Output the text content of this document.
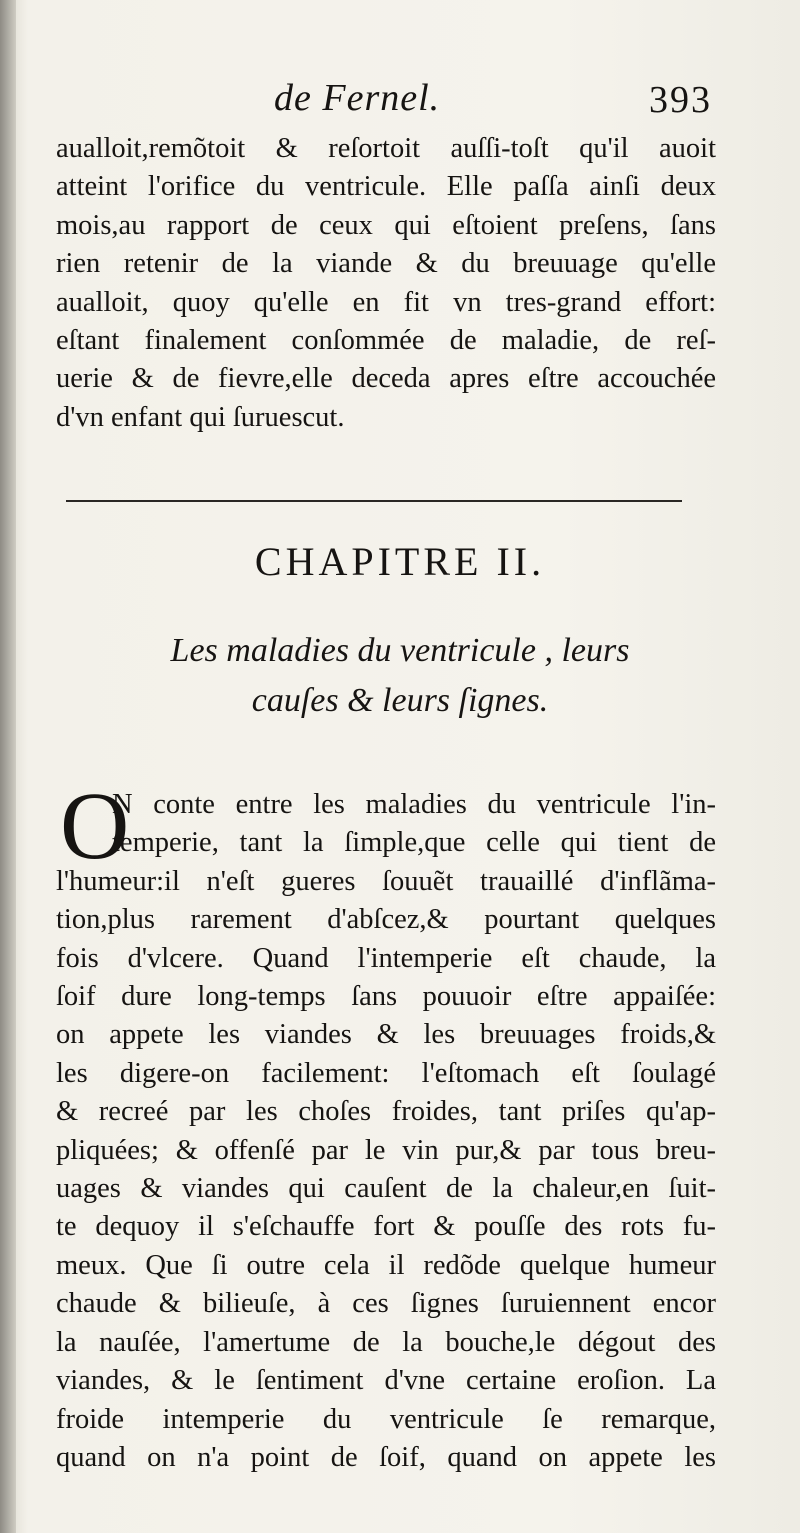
de Fernel.	393
aualloit,remõtoit & reſortoit auſſi-toſt qu'il auoit
atteint l'orifice du ventricule. Elle paſſa ainſi deux
mois,au rapport de ceux qui eſtoient preſens, ſans
rien retenir de la viande & du breuuage qu'elle
aualloit, quoy qu'elle en fit vn tres-grand effort:
eſtant finalement conſommée de maladie, de reſ-
uerie & de fievre,elle deceda apres eſtre accouchée
d'vn enfant qui ſuruescut.
CHAPITRE II.
Les maladies du ventricule , leurs
cauſes & leurs ſignes.
O
N conte entre les maladies du ventricule l'in-
temperie, tant la ſimple,que celle qui tient de
l'humeur:il n'eſt gueres ſouuẽt trauaillé d'inflãma-
tion,plus rarement d'abſcez,& pourtant quelques
fois d'vlcere. Quand l'intemperie eſt chaude, la
ſoif dure long-temps ſans pouuoir eſtre appaiſée:
on appete les viandes & les breuuages froids,&
les digere-on facilement: l'eſtomach eſt ſoulagé
& recreé par les choſes froides, tant priſes qu'ap-
pliquées; & offenſé par le vin pur,& par tous breu-
uages & viandes qui cauſent de la chaleur,en ſuit-
te dequoy il s'eſchauffe fort & pouſſe des rots fu-
meux. Que ſi outre cela il redõde quelque humeur
chaude & bilieuſe, à ces ſignes ſuruiennent encor
la nauſée, l'amertume de la bouche,le dégout des
viandes, & le ſentiment d'vne certaine eroſion. La
froide intemperie du ventricule ſe remarque,
quand on n'a point de ſoif, quand on appete les
